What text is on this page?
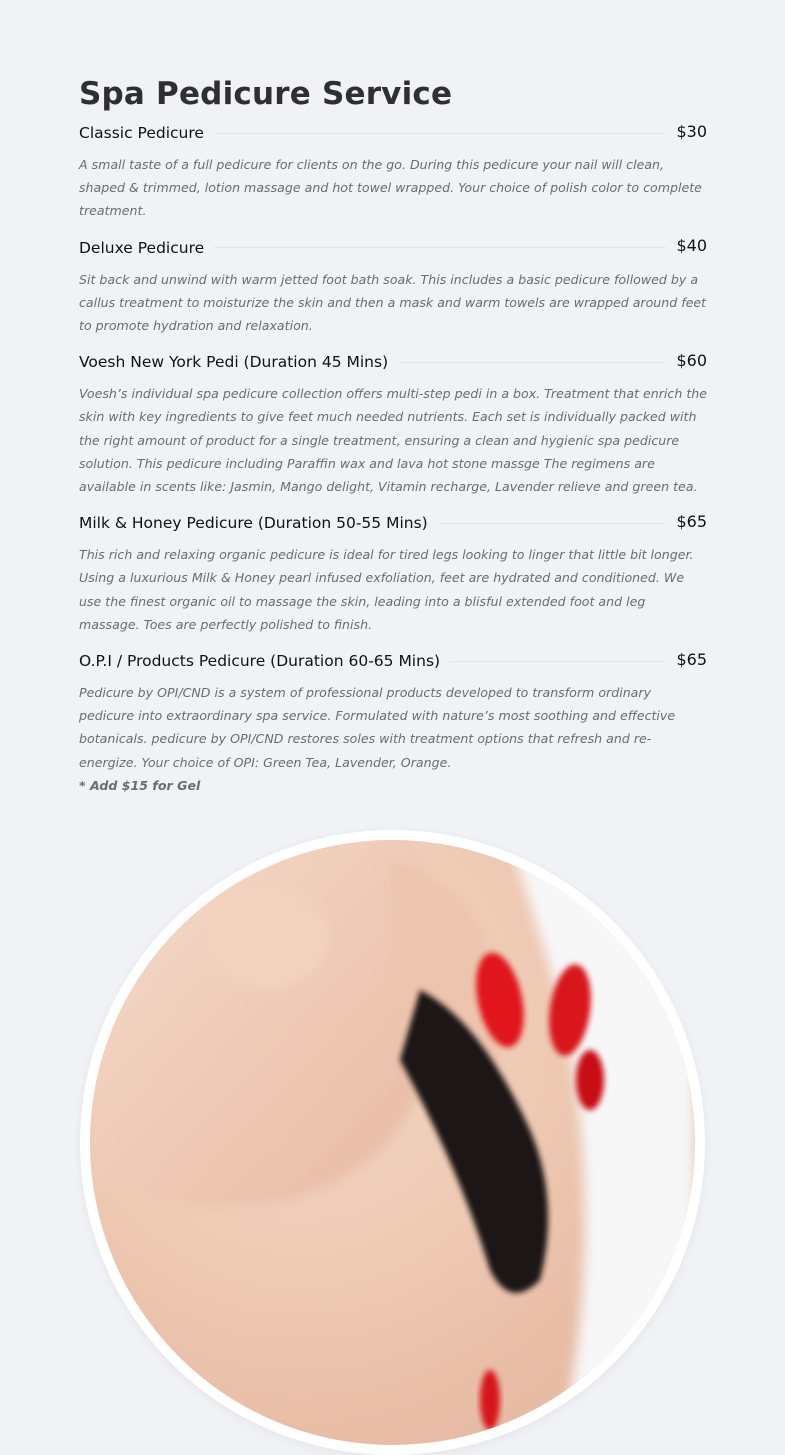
Spa Pedicure Service
Classic Pedicure	$30

A small taste of a full pedicure for clients on the go. During this pedicure your nail will clean, shaped & trimmed, lotion massage and hot towel wrapped. Your choice of polish color to complete treatment.

Deluxe Pedicure	$40

Sit back and unwind with warm jetted foot bath soak. This includes a basic pedicure followed by a callus treatment to moisturize the skin and then a mask and warm towels are wrapped around feet to promote hydration and relaxation.

Voesh New York Pedi (Duration 45 Mins)	$60

Voesh’s individual spa pedicure collection offers multi-step pedi in a box. Treatment that enrich the skin with key ingredients to give feet much needed nutrients. Each set is individually packed with the right amount of product for a single treatment, ensuring a clean and hygienic spa pedicure solution. This pedicure including Paraffin wax and lava hot stone massge The regimens are available in scents like: Jasmin, Mango delight, Vitamin recharge, Lavender relieve and green tea.

Milk & Honey Pedicure (Duration 50-55 Mins)	$65

This rich and relaxing organic pedicure is ideal for tired legs looking to linger that little bit longer. Using a luxurious Milk & Honey pearl infused exfoliation, feet are hydrated and conditioned. We use the finest organic oil to massage the skin, leading into a blisful extended foot and leg massage. Toes are perfectly polished to finish.

O.P.I / Products Pedicure (Duration 60-65 Mins)	$65

Pedicure by OPI/CND is a system of professional products developed to transform ordinary pedicure into extraordinary spa service. Formulated with nature’s most soothing and effective botanicals. pedicure by OPI/CND restores soles with treatment options that refresh and re-energize. Your choice of OPI: Green Tea, Lavender, Orange.

* Add $15 for Gel
